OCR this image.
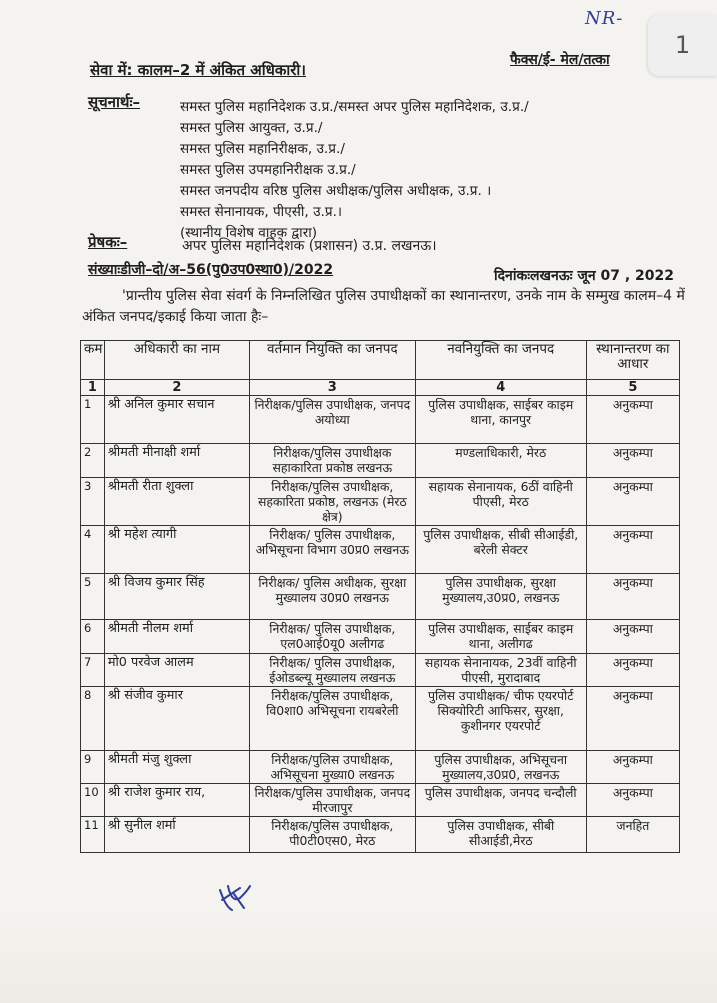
NR-
1
सेवा में: कालम–2 में अंकित अधिकारी।
फैक्स/ई- मेल/तत्का
सूचनार्थः–	समस्त पुलिस महानिदेशक उ.प्र./समस्त अपर पुलिस महानिदेशक, उ.प्र./
समस्त पुलिस आयुक्त, उ.प्र./
समस्त पुलिस महानिरीक्षक, उ.प्र./
समस्त पुलिस उपमहानिरीक्षक उ.प्र./
समस्त जनपदीय वरिष्ठ पुलिस अधीक्षक/पुलिस अधीक्षक, उ.प्र. ।
समस्त सेनानायक, पीएसी, उ.प्र.।
(स्थानीय विशेष वाहक द्वारा)
प्रेषकः–	अपर पुलिस महानिदेशक (प्रशासन) उ.प्र. लखनऊ।
संख्याःडीजी–दो/अ–56(पु0उप0स्था0)/2022	दिनांकःलखनऊः जून 07 , 2022
'प्रान्तीय पुलिस सेवा संवर्ग के निम्नलिखित पुलिस उपाधीक्षकों का स्थानान्तरण, उनके नाम के सम्मुख कालम–4 में अंकित जनपद/इकाई किया जाता हैः–
कम	अधिकारी का नाम	वर्तमान नियुक्ति का जनपद	नवनियुक्ति का जनपद	स्थानान्तरण का आधार
1	2	3	4	5
1	श्री अनिल कुमार सचान	निरीक्षक/पुलिस उपाधीक्षक, जनपद अयोध्या	पुलिस उपाधीक्षक, साईबर काइम थाना, कानपुर	अनुकम्पा
2	श्रीमती मीनाक्षी शर्मा	निरीक्षक/पुलिस उपाधीक्षक सहाकारिता प्रकोष्ठ लखनऊ	मण्डलाधिकारी, मेरठ	अनुकम्पा
3	श्रीमती रीता शुक्ला	निरीक्षक/पुलिस उपाधीक्षक, सहकारिता प्रकोष्ठ, लखनऊ (मेरठ क्षेत्र)	सहायक सेनानायक, 6ठीं वाहिनी पीएसी, मेरठ	अनुकम्पा
4	श्री महेश त्यागी	निरीक्षक/ पुलिस उपाधीक्षक, अभिसूचना विभाग उ0प्र0 लखनऊ	पुलिस उपाधीक्षक, सीबी सीआईडी, बरेली सेक्टर	अनुकम्पा
5	श्री विजय कुमार सिंह	निरीक्षक/ पुलिस अधीक्षक, सुरक्षा मुख्यालय उ0प्र0 लखनऊ	पुलिस उपाधीक्षक, सुरक्षा मुख्यालय,उ0प्र0, लखनऊ	अनुकम्पा
6	श्रीमती नीलम शर्मा	निरीक्षक/ पुलिस उपाधीक्षक, एल0आई0यू0 अलीगढ	पुलिस उपाधीक्षक, साईबर काइम थाना, अलीगढ	अनुकम्पा
7	मो0 परवेज आलम	निरीक्षक/ पुलिस उपाधीक्षक, ईओडब्ल्यू मुख्यालय लखनऊ	सहायक सेनानायक, 23वीं वाहिनी पीएसी, मुरादाबाद	अनुकम्पा
8	श्री संजीव कुमार	निरीक्षक/पुलिस उपाधीक्षक, वि0शा0 अभिसूचना रायबरेली	पुलिस उपाधीक्षक/ चीफ एयरपोर्ट सिक्योरिटी आफिसर, सुरक्षा, कुशीनगर एयरपोर्ट	अनुकम्पा
9	श्रीमती मंजु शुक्ला	निरीक्षक/पुलिस उपाधीक्षक, अभिसूचना मुख्या0 लखनऊ	पुलिस उपाधीक्षक, अभिसूचना मुख्यालय,उ0प्र0, लखनऊ	अनुकम्पा
10	श्री राजेश कुमार राय,	निरीक्षक/पुलिस उपाधीक्षक, जनपद मीरजापुर	पुलिस उपाधीक्षक, जनपद चन्दौली	अनुकम्पा
11	श्री सुनील शर्मा	निरीक्षक/पुलिस उपाधीक्षक, पी0टी0एस0, मेरठ	पुलिस उपाधीक्षक, सीबी सीआईडी,मेरठ	जनहित
